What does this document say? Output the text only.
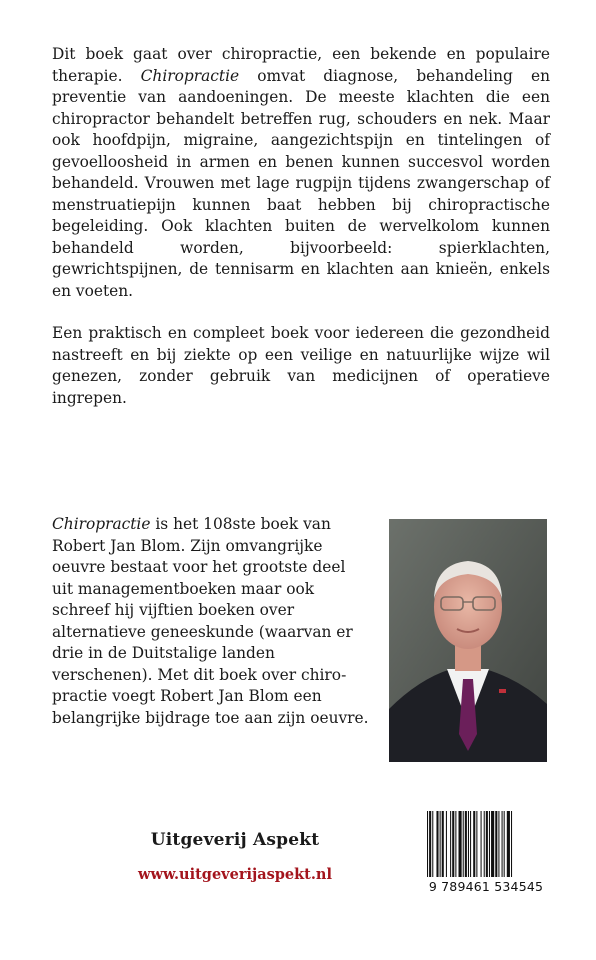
Dit boek gaat over chiropractie, een bekende en populaire therapie. Chiropractie omvat diagnose, behandeling en preventie van aandoeningen. De meeste klachten die een chiropractor behandelt betreffen rug, schouders en nek. Maar ook hoofdpijn, migraine, aangezichtspijn en tintelingen of gevoelloosheid in armen en benen kunnen succesvol worden behandeld. Vrouwen met lage rugpijn tijdens zwangerschap of menstruatiepijn kunnen baat hebben bij chiropractische begeleiding. Ook klachten buiten de wervelkolom kunnen behandeld worden, bijvoorbeeld: spierklachten, gewrichtspijnen, de tennisarm en klachten aan knieën, enkels en voeten.

Een praktisch en compleet boek voor iedereen die gezondheid nastreeft en bij ziekte op een veilige en natuurlijke wijze wil genezen, zonder gebruik van medicijnen of operatieve ingrepen.

Chiropractie is het 108ste boek van Robert Jan Blom. Zijn omvangrijke oeuvre bestaat voor het grootste deel uit managementboeken maar ook schreef hij vijftien boeken over alternatieve geneeskunde (waarvan er drie in de Duitstalige landen verschenen). Met dit boek over chiropractie voegt Robert Jan Blom een belangrijke bijdrage toe aan zijn oeuvre.

Uitgeverij Aspekt
www.uitgeverijaspekt.nl
9 789461 534545
